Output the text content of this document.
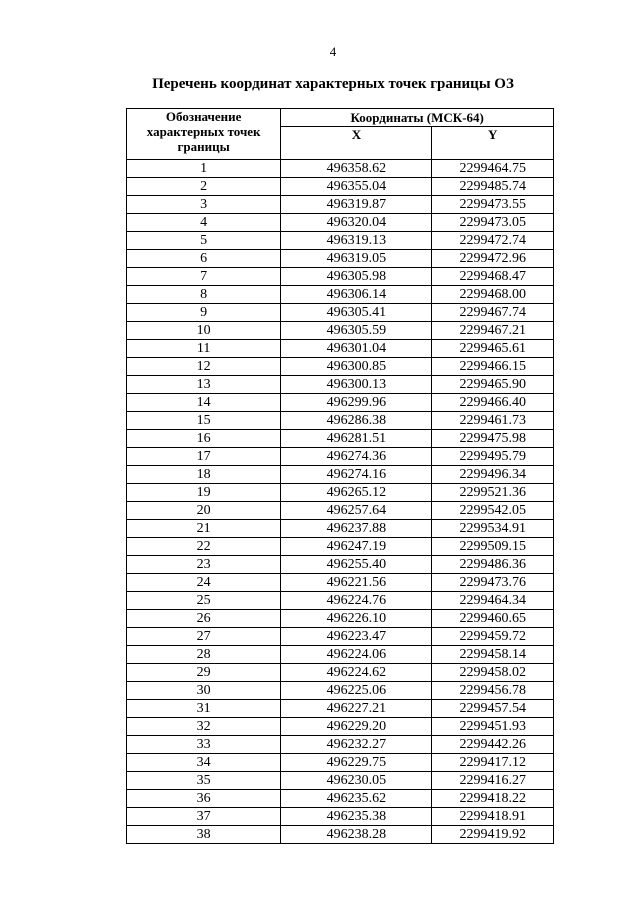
4
Перечень координат характерных точек границы ОЗ
Обозначение характерных точек границы	Координаты (МСК-64)	
	X	Y
1	496358.62	2299464.75
2	496355.04	2299485.74
3	496319.87	2299473.55
4	496320.04	2299473.05
5	496319.13	2299472.74
6	496319.05	2299472.96
7	496305.98	2299468.47
8	496306.14	2299468.00
9	496305.41	2299467.74
10	496305.59	2299467.21
11	496301.04	2299465.61
12	496300.85	2299466.15
13	496300.13	2299465.90
14	496299.96	2299466.40
15	496286.38	2299461.73
16	496281.51	2299475.98
17	496274.36	2299495.79
18	496274.16	2299496.34
19	496265.12	2299521.36
20	496257.64	2299542.05
21	496237.88	2299534.91
22	496247.19	2299509.15
23	496255.40	2299486.36
24	496221.56	2299473.76
25	496224.76	2299464.34
26	496226.10	2299460.65
27	496223.47	2299459.72
28	496224.06	2299458.14
29	496224.62	2299458.02
30	496225.06	2299456.78
31	496227.21	2299457.54
32	496229.20	2299451.93
33	496232.27	2299442.26
34	496229.75	2299417.12
35	496230.05	2299416.27
36	496235.62	2299418.22
37	496235.38	2299418.91
38	496238.28	2299419.92
